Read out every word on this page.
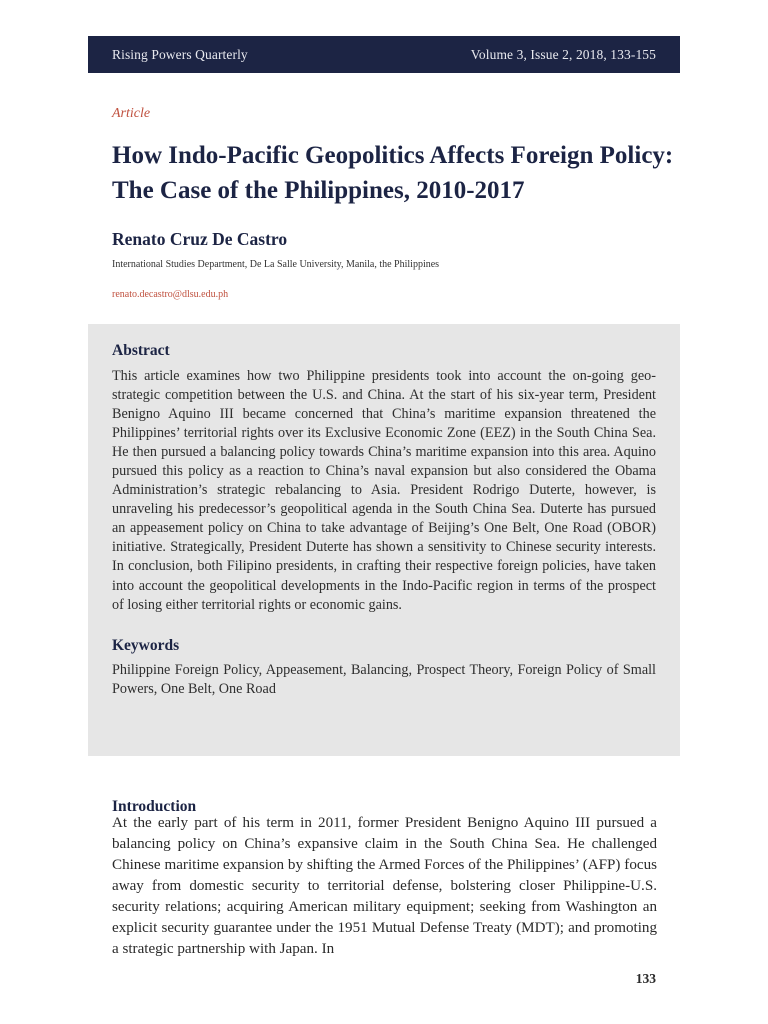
Rising Powers Quarterly	Volume 3, Issue 2, 2018, 133-155
Article
How Indo-Pacific Geopolitics Affects Foreign Policy: The Case of the Philippines, 2010-2017
Renato Cruz De Castro
International Studies Department, De La Salle University, Manila, the Philippines
renato.decastro@dlsu.edu.ph
Abstract

This article examines how two Philippine presidents took into account the on-going geo-strategic competition between the U.S. and China. At the start of his six-year term, President Benigno Aquino III became concerned that China’s maritime expansion threatened the Philippines’ territorial rights over its Exclusive Economic Zone (EEZ) in the South China Sea. He then pursued a balancing policy towards China’s maritime expansion into this area. Aquino pursued this policy as a reaction to China’s naval expansion but also considered the Obama Administration’s strategic rebalancing to Asia. President Rodrigo Duterte, however, is unraveling his predecessor’s geopolitical agenda in the South China Sea. Duterte has pursued an appeasement policy on China to take advantage of Beijing’s One Belt, One Road (OBOR) initiative. Strategically, President Duterte has shown a sensitivity to Chinese security interests. In conclusion, both Filipino presidents, in crafting their respective foreign policies, have taken into account the geopolitical developments in the Indo-Pacific region in terms of the prospect of losing either territorial rights or economic gains.

Keywords

Philippine Foreign Policy, Appeasement, Balancing, Prospect Theory, Foreign Policy of Small Powers, One Belt, One Road

Introduction

At the early part of his term in 2011, former President Benigno Aquino III pursued a balancing policy on China’s expansive claim in the South China Sea. He challenged Chinese maritime expansion by shifting the Armed Forces of the Philippines’ (AFP) focus away from domestic security to territorial defense, bolstering closer Philippine-U.S. security relations; acquiring American military equipment; seeking from Washington an explicit security guarantee under the 1951 Mutual Defense Treaty (MDT); and promoting a strategic partnership with Japan. In

133
